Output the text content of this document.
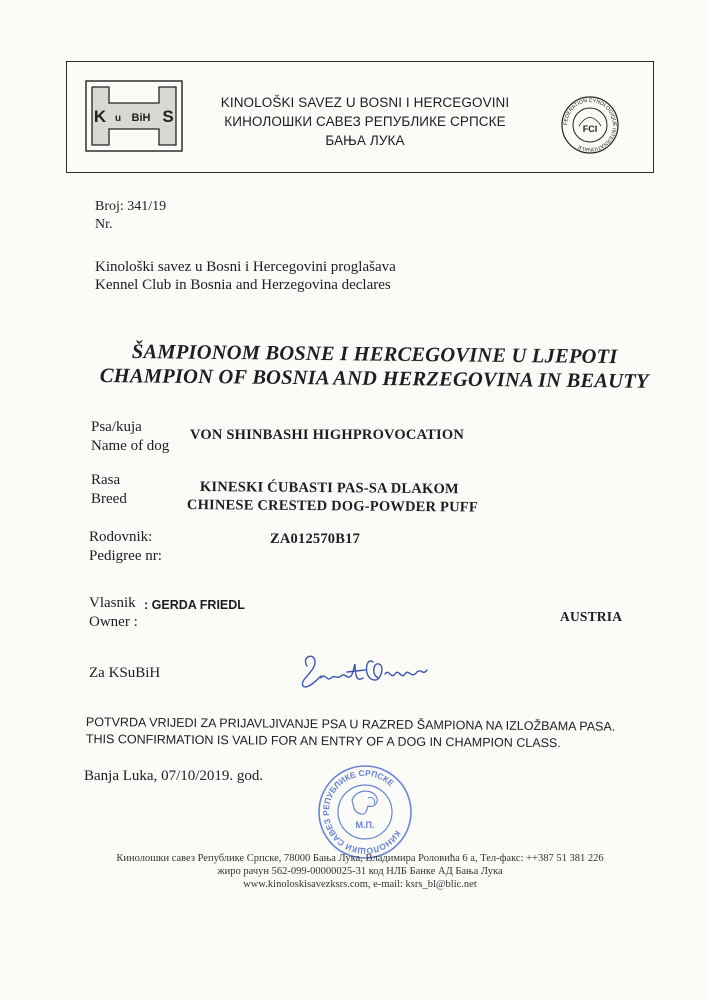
K u BiH S
KINOLOŠKI SAVEZ U BOSNI I HERCEGOVINI
КИНОЛОШКИ САВЕЗ РЕПУБЛИКЕ СРПСКЕ
БАЊА ЛУКА
FEDERATION CYNOLOGIQUE INTERNATIONALE
FCI
Broj: 341/19
Nr.
Kinološki savez u Bosni i Hercegovini proglašava
Kennel Club in Bosnia and Herzegovina declares
ŠAMPIONOM BOSNE I HERCEGOVINE U LJEPOTI
CHAMPION OF BOSNIA AND HERZEGOVINA IN BEAUTY
Psa/kuja
Name of dog
VON SHINBASHI HIGHPROVOCATION
Rasa
Breed
KINESKI ĆUBASTI PAS-SA DLAKOM
CHINESE CRESTED DOG-POWDER PUFF
Rodovnik:
Pedigree nr:
ZA012570B17
Vlasnik
Owner :
: GERDA FRIEDL
AUSTRIA
Za KSuBiH
POTVRDA VRIJEDI ZA PRIJAVLJIVANJE PSA U RAZRED ŠAMPIONA NA IZLOŽBAMA PASA.
THIS CONFIRMATION IS VALID FOR AN ENTRY OF A DOG IN CHAMPION CLASS.
Banja Luka, 07/10/2019. god.
КИНОЛОШКИ САВЕЗ РЕПУБЛИКЕ СРПСКЕ
М.П.
Кинолошки савез Републике Српске, 78000 Бања Лука, Владимира Роловића 6 а, Тел-факс: ++387 51 381 226
жиро рачун 562-099-00000025-31 код НЛБ Банке АД Бања Лука
www.kinoloskisavezksrs.com, e-mail: ksrs_bl@blic.net
